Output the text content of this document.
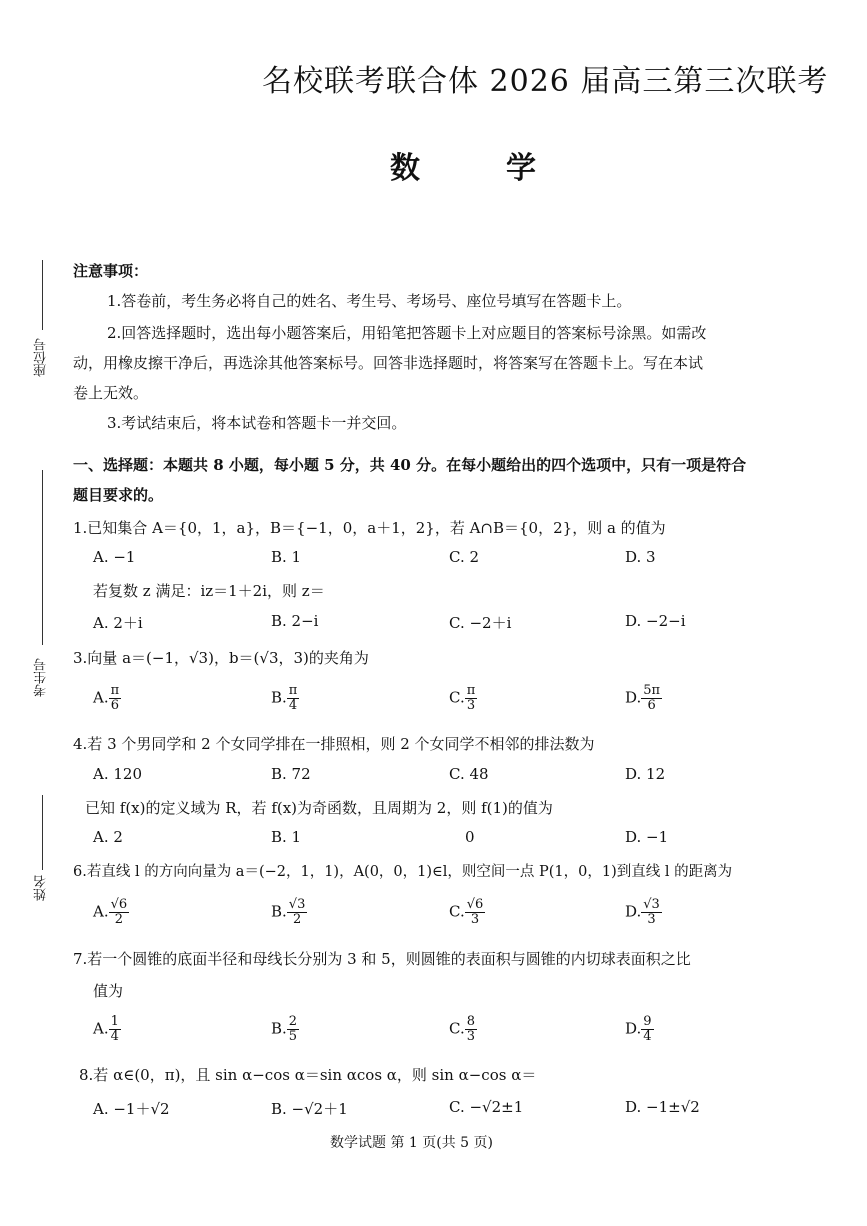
名校联考联合体 2026 届高三第三次联考
数　学
座位号
考生号
姓名
注意事项：
1.答卷前，考生务必将自己的姓名、考生号、考场号、座位号填写在答题卡上。
2.回答选择题时，选出每小题答案后，用铅笔把答题卡上对应题目的答案标号涂黑。如需改
动，用橡皮擦干净后，再选涂其他答案标号。回答非选择题时，将答案写在答题卡上。写在本试
卷上无效。
3.考试结束后，将本试卷和答题卡一并交回。
一、选择题：本题共 8 小题，每小题 5 分，共 40 分。在每小题给出的四个选项中，只有一项是符合
题目要求的。
1.已知集合 A＝{0，1，a}，B＝{−1，0，a＋1，2}，若 A∩B＝{0，2}，则 a 的值为
A. −1	B. 1	C. 2	D. 3
若复数 z 满足：iz＝1＋2i，则 z＝
A. 2＋i	B. 2−i	C. −2＋i	D. −2−i
3.向量 a＝(−1，√3)，b＝(√3，3)的夹角为
A. $\frac{\pi}{6}$	B. $\frac{\pi}{4}$	C. $\frac{\pi}{3}$	D. $\frac{5\pi}{6}$
4.若 3 个男同学和 2 个女同学排在一排照相，则 2 个女同学不相邻的排法数为
A. 120	B. 72	C. 48	D. 12
已知 f(x)的定义域为 R，若 f(x)为奇函数，且周期为 2，则 f(1)的值为
A. 2	B. 1	0	D. −1
6.若直线 l 的方向向量为 a＝(−2，1，1)，A(0，0，1)∈l，则空间一点 P(1，0，1)到直线 l 的距离为
A. $\frac{√6}{2}$	B. $\frac{√3}{2}$	C. $\frac{√6}{3}$	D. $\frac{√3}{3}$
7.若一个圆锥的底面半径和母线长分别为 3 和 5，则圆锥的表面积与圆锥的内切球表面积之比
值为
A. $\frac{1}{4}$	B. $\frac{2}{5}$	C. $\frac{8}{3}$	D. $\frac{9}{4}$
8.若 α∈(0，π)，且 sin α−cos α＝sin αcos α，则 sin α−cos α＝
A. −1＋√2	B. −√2＋1	C. −√2±1	D. −1±√2
数学试题 第 1 页(共 5 页)
